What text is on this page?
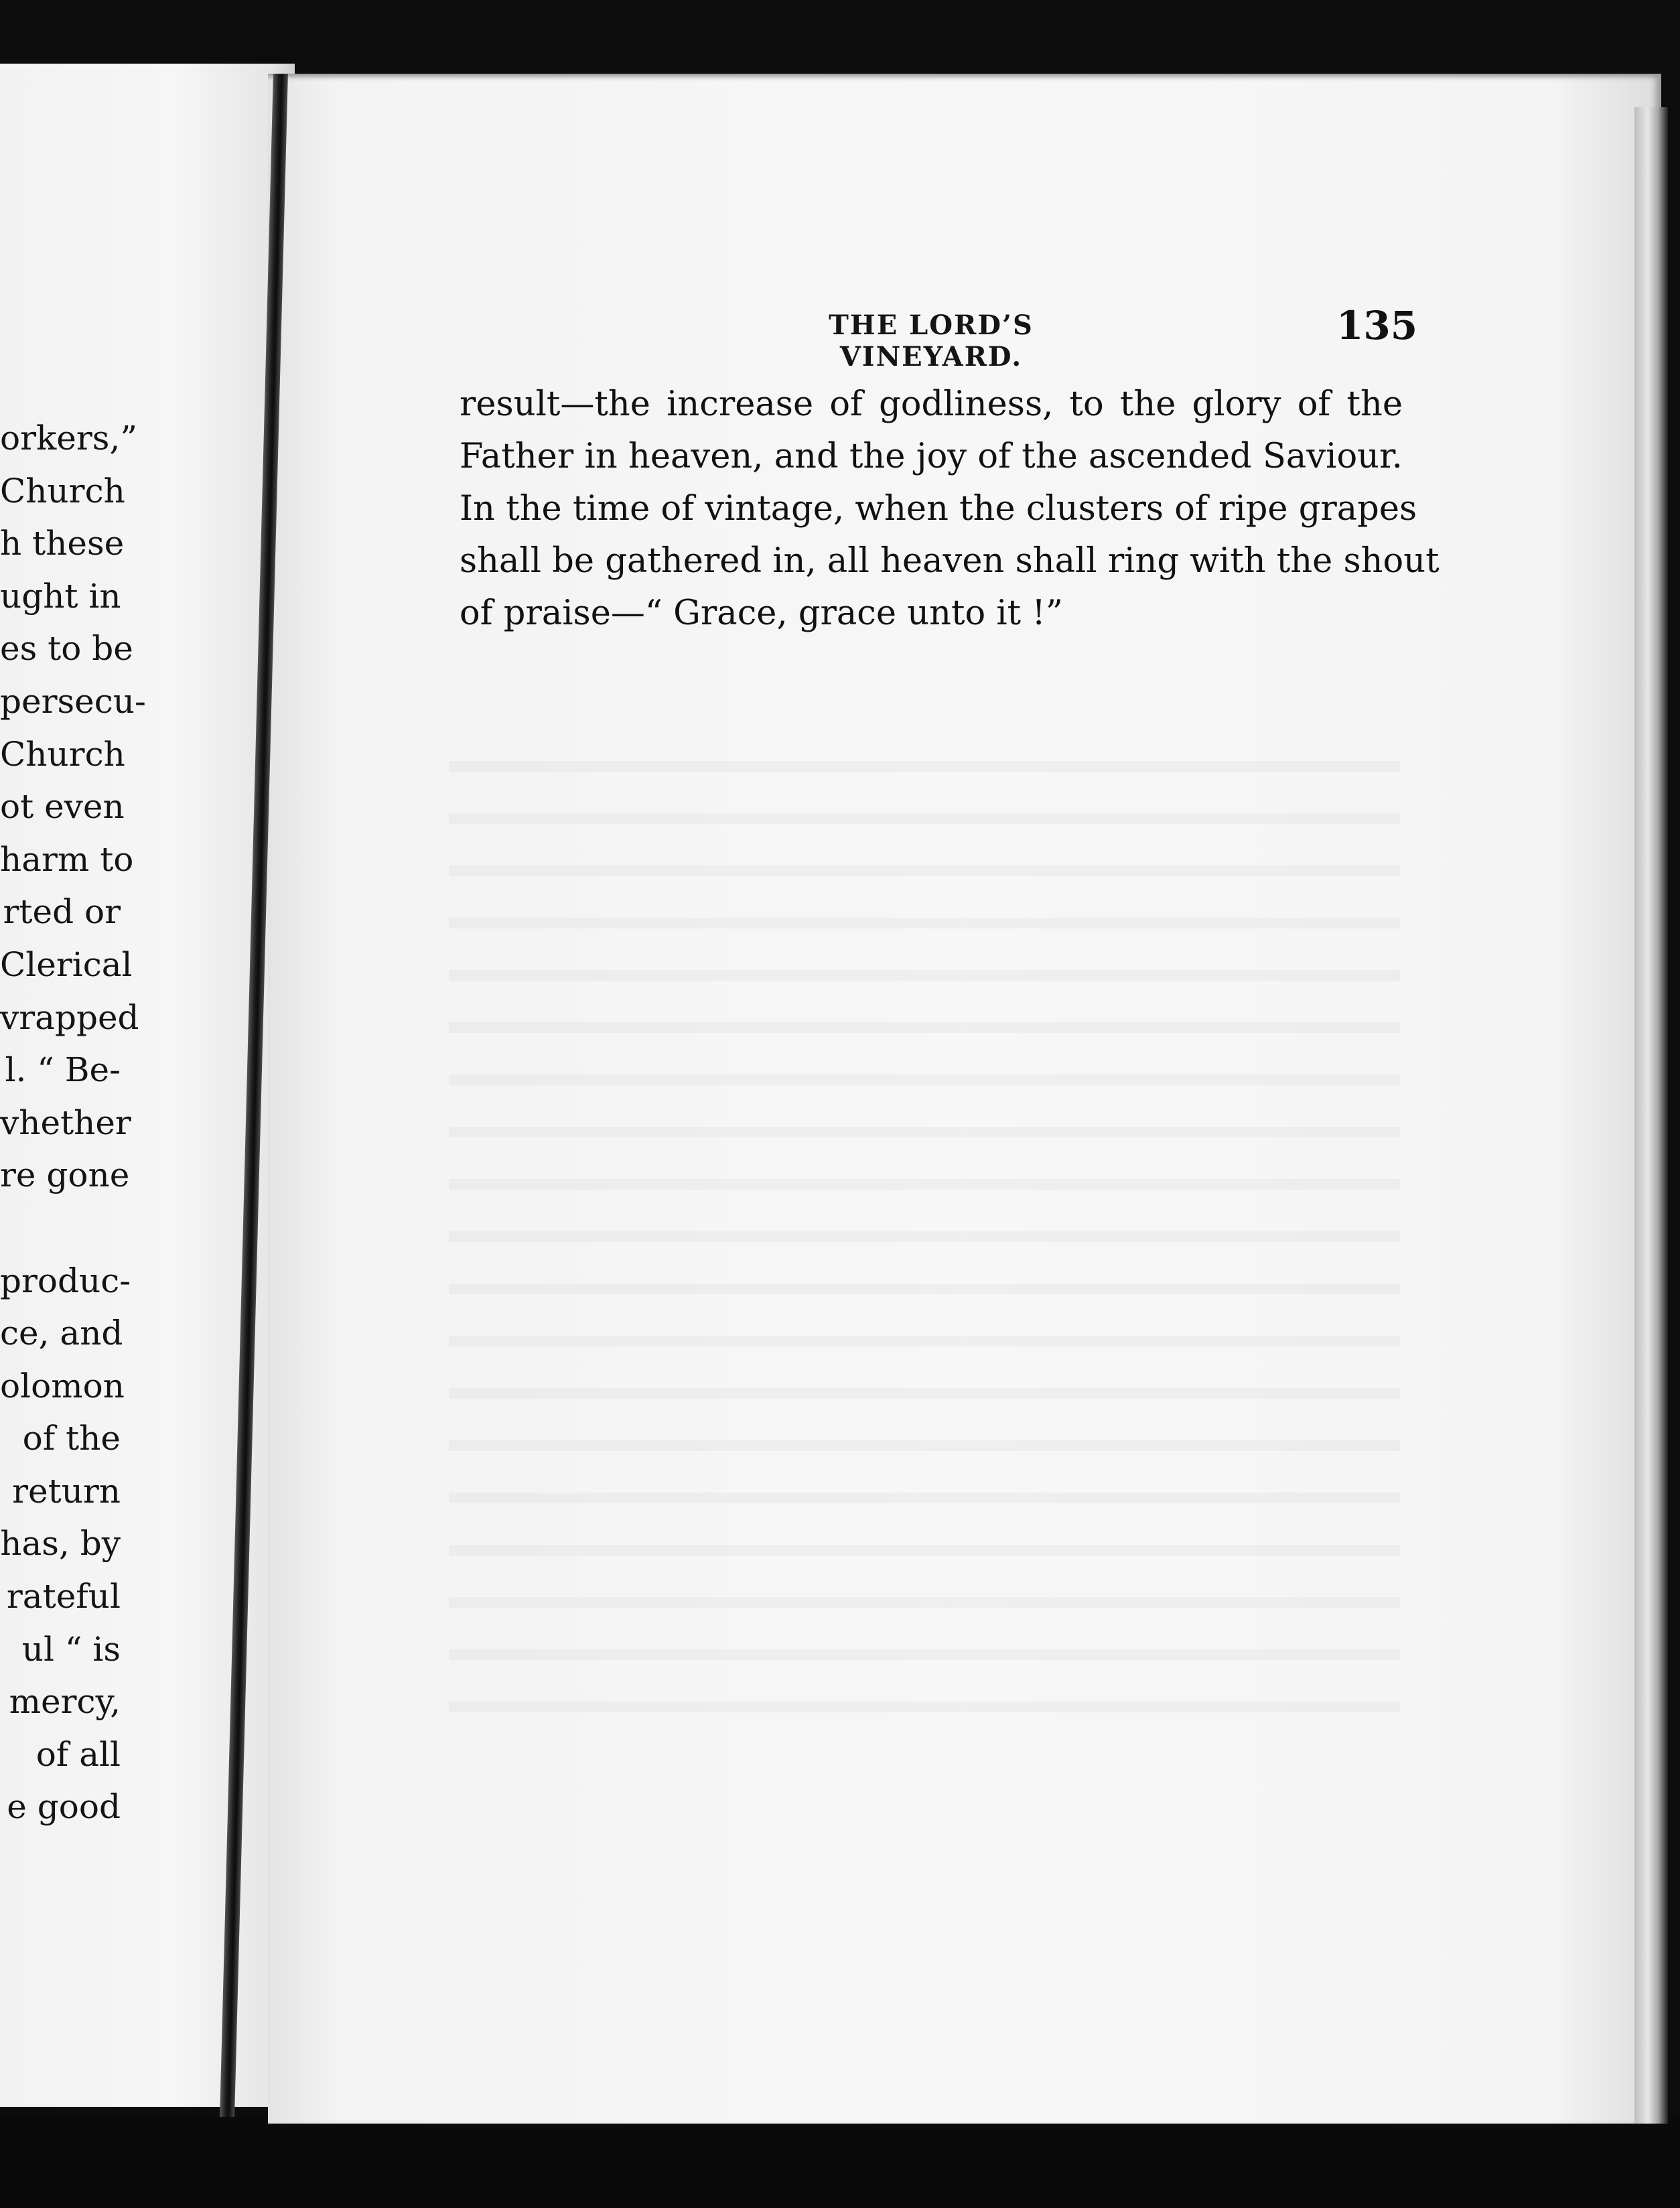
orkers,”
Church
h these
ught in
es to be
persecu-
Church
ot even
harm to
rted or
Clerical
vrapped
l. “ Be-
vhether
re gone
produc-
ce, and
olomon
of the
return
has, by
rateful
ul “ is
mercy,
of all
e good
THE LORD’S VINEYARD.
135
result—the increase of godliness, to the glory of the
Father in heaven, and the joy of the ascended Saviour.
In the time of vintage, when the clusters of ripe grapes
shall be gathered in, all heaven shall ring with the shout
of praise—“ Grace, grace unto it !”
